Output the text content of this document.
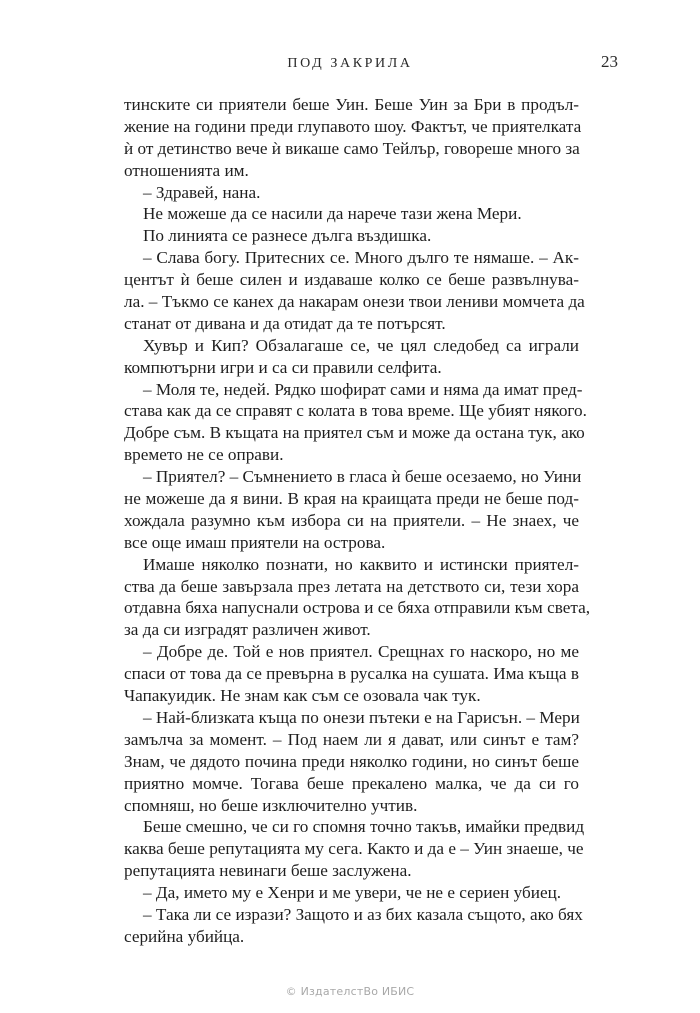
ПОД ЗАКРИЛА	23
тинските си приятели беше Уин. Беше Уин за Бри в продъл-
жение на години преди глупавото шоу. Фактът, че приятелката
ѝ от детинство вече ѝ викаше само Тейлър, говореше много за
отношенията им.
– Здравей, нана.
Не можеше да се насили да нарече тази жена Мери.
По линията се разнесе дълга въздишка.
– Слава богу. Притесних се. Много дълго те нямаше. – Ак-
центът ѝ беше силен и издаваше колко се беше развълнува-
ла. – Тъкмо се канех да накарам онези твои лениви момчета да
станат от дивана и да отидат да те потърсят.
Хувър и Кип? Обзалагаше се, че цял следобед са играли
компютърни игри и са си правили селфита.
– Моля те, недей. Рядко шофират сами и няма да имат пред-
става как да се справят с колата в това време. Ще убият някого.
Добре съм. В къщата на приятел съм и може да остана тук, ако
времето не се оправи.
– Приятел? – Съмнението в гласа ѝ беше осезаемо, но Уини
не можеше да я вини. В края на краищата преди не беше под-
хождала разумно към избора си на приятели. – Не знаех, че
все още имаш приятели на острова.
Имаше няколко познати, но каквито и истински приятел-
ства да беше завързала през летата на детството си, тези хора
отдавна бяха напуснали острова и се бяха отправили към света,
за да си изградят различен живот.
– Добре де. Той е нов приятел. Срещнах го наскоро, но ме
спаси от това да се превърна в русалка на сушата. Има къща в
Чапакуидик. Не знам как съм се озовала чак тук.
– Най-близката къща по онези пътеки е на Гарисън. – Мери
замълча за момент. – Под наем ли я дават, или синът е там?
Знам, че дядото почина преди няколко години, но синът беше
приятно момче. Тогава беше прекалено малка, че да си го
спомняш, но беше изключително учтив.
Беше смешно, че си го спомня точно такъв, имайки предвид
каква беше репутацията му сега. Както и да е – Уин знаеше, че
репутацията невинаги беше заслужена.
– Да, името му е Хенри и ме увери, че не е сериен убиец.
– Така ли се изрази? Защото и аз бих казала същото, ако бях
серийна убийца.
© ИздателстВо ИБИС
